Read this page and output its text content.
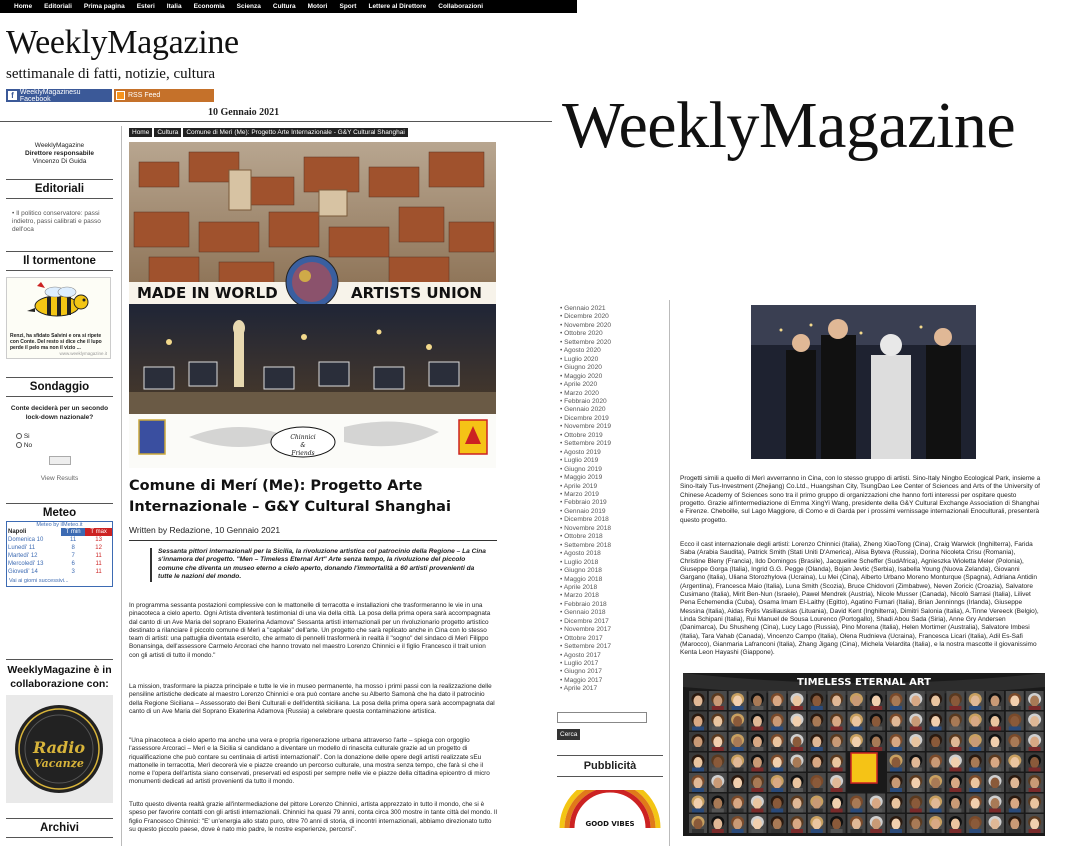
Home	Editoriali	Prima pagina	Esteri	Italia	Economia	Scienza	Cultura	Motori	Sport	Lettere al Direttore	Collaborazioni
WeeklyMagazine
settimanale di fatti, notizie, cultura
f WeeklyMagazinesu Facebook	RSS Feed
10 Gennaio 2021
WeeklyMagazine
Direttore responsabile
Vincenzo Di Guida
Editoriali
• Il politico conservatore: passi indietro, passi calibrati e passo dell'oca
Il tormentone
Renzi, ha sfidato Salvini e ora si ripete con Conte. Del resto si dice che il lupo perde il pelo ma non il vizio ...
www.weeklymagazine.it
Sondaggio
Conte deciderà per un secondo lock-down nazionale?
Si
No
View Results
Meteo
Meteo by ilMeteo.it
Napoli	T min	T max
Domenica 10	11	13
Lunedi' 11	8	12
Martedi' 12	7	11
Mercoledi' 13	6	11
Giovedi' 14	3	11
Vai ai giorni successivi...
WeeklyMagazine è in collaborazione con:
Radio
Vacanze
Archivi
Home	Cultura	Comune di Merì (Me): Progetto Arte Internazionale - G&Y Cultural Shanghai
MADE IN WORLD	ARTISTS UNION
Chinnici
&
Friends
Comune di Merí (Me): Progetto Arte Internazionale – G&Y Cultural Shanghai
Written by Redazione, 10 Gennaio 2021
Sessanta pittori internazionali per la Sicilia, la rivoluzione artistica col patrocinio della Regione – La Cina s'innamora del progetto. "Men – Timeless Eternal Art" Arte senza tempo, la rivoluzione del piccolo comune che diventa un museo eterno a cielo aperto, donando l'immortalità a 60 artisti provenienti da tutte le nazioni del mondo.
In programma sessanta postazioni complessive con le mattonelle di terracotta e installazioni che trasformeranno le vie in una pinacoteca a cielo aperto. Ogni Artista diventerà testimonial di una via della città. La posa della prima opera sarà accompagnata dal canto di un Ave Maria del soprano Ekaterina Adamova" Sessanta artisti internazionali per un rivoluzionario progetto artistico destinato a rilanciare il piccolo comune di Merì a "capitale" dell'arte. Un progetto che sarà replicato anche in Cina con lo stesso team di artisti: una pattuglia diventata esercito, che armato di pennelli trasformerà in realtà il "sogno" del sindaco di Merì Filippo Bonansinga, dell'assessore Carmelo Arcoraci che hanno trovato nel maestro Lorenzo Chinnici e il figlio Francesco il trait union con gli artisti di tutto il mondo."
La mission, trasformare la piazza principale e tutte le vie in museo permanente, ha mosso i primi passi con la realizzazione delle pensiline artistiche dedicate al maestro Lorenzo Chinnici e ora può contare anche su Alberto Samonà che ha dato il patrocinio della Regione Siciliana – Assessorato dei Beni Culturali e dell'identità siciliana. La posa della prima opera sarà accompagnata dal canto di un Ave Maria del Soprano Ekaterina Adamova (Russia) a celebrare questa contaminazione artistica.
"Una pinacoteca a cielo aperto ma anche una vera e propria rigenerazione urbana attraverso l'arte – spiega con orgoglio l'assessore Arcoraci – Merì e la Sicilia si candidano a diventare un modello di rinascita culturale grazie ad un progetto di riqualificazione che può contare su centinaia di artisti internazionali". Con la donazione delle opere degli artisti realizzate sEu mattonelle in terracotta, Merì decorerà vie e piazze creando un percorso culturale, una mostra senza tempo, che farà sì che il nome e l'opera dell'artista siano conservati, preservati ed esposti per sempre nelle vie e piazze della cittadina epicentro di micro monumenti dedicati ad artisti provenienti da tutto il mondo.
Tutto questo diventa realtà grazie all'intermediazione del pittore Lorenzo Chinnici, artista apprezzato in tutto il mondo, che si è speso per favorire contatti con gli artisti internazionali. Chinnici ha quasi 79 anni, conta circa 300 mostre in tante città del mondo. Il figlio Francesco Chinnici: "E' un'energia allo stato puro, oltre 70 anni di storia, di incontri internazionali, abbiamo direzionato tutto su questo piccolo paese, dove è nato mio padre, le nostre esperienze, percorsi".
WeeklyMagazine
• Gennaio 2021
• Dicembre 2020
• Novembre 2020
• Ottobre 2020
• Settembre 2020
• Agosto 2020
• Luglio 2020
• Giugno 2020
• Maggio 2020
• Aprile 2020
• Marzo 2020
• Febbraio 2020
• Gennaio 2020
• Dicembre 2019
• Novembre 2019
• Ottobre 2019
• Settembre 2019
• Agosto 2019
• Luglio 2019
• Giugno 2019
• Maggio 2019
• Aprile 2019
• Marzo 2019
• Febbraio 2019
• Gennaio 2019
• Dicembre 2018
• Novembre 2018
• Ottobre 2018
• Settembre 2018
• Agosto 2018
• Luglio 2018
• Giugno 2018
• Maggio 2018
• Aprile 2018
• Marzo 2018
• Febbraio 2018
• Gennaio 2018
• Dicembre 2017
• Novembre 2017
• Ottobre 2017
• Settembre 2017
• Agosto 2017
• Luglio 2017
• Giugno 2017
• Maggio 2017
• Aprile 2017
Cerca
Pubblicità
GOOD VIBES
Progetti simili a quello di Merì avverranno in Cina, con lo stesso gruppo di artisti. Sino-Italy Ningbo Ecological Park, insieme a Sino-Italy Tus-Investment (Zhejiang) Co.Ltd., Huangshan City, TsungDao Lee Center of Sciences and Arts of the University of Chinese Academy of Sciences sono tra il primo gruppo di organizzazioni che hanno forti interessi per ospitare questo progetto. Grazie all'intermediazione di Emma XingYi Wang, presidente della G&Y Cultural Exchange Association di Shanghai e Firenze. Cheboille, sul Lago Maggiore, di Como e di Garda per i prossimi vernissage internazionali Enoculturali, presenterà questo progetto.
Ecco il cast internazionale degli artisti: Lorenzo Chinnici (Italia), Zheng XiaoTong (Cina), Craig Warwick (Inghilterra), Farida Saba (Arabia Saudita), Patrick Smith (Stati Uniti D'America), Alisa Byteva (Russia), Dorina Nicoleta Crisu (Romania), Christine Bleny (Francia), Ildo Domingos (Brasile), Jacqueline Scheffer (SudAfrica), Agnieszka Wioletta Meler (Polonia), Giuseppe Gorga (Italia), Ingrid G.G. Pegge (Olanda), Bojan Jevtic (Serbia), Isabella Young (Nuova Zelanda), Giovanni Gargano (Italia), Uliana Storozhylova (Ucraina), Lu Mei (Cina), Alberto Urbano Moreno Monturque (Spagna), Adriana Antidin (Argentina), Francesca Maio (Italia), Luna Smith (Scozia), Bruce Chidovori (Zimbabwe), Neven Zoricic (Croazia), Salvatore Cusimano (Italia), Mirit Ben-Nun (Israele), Pawel Mendrek (Austria), Nicole Musser (Canada), Nicolò Sarrasi (Italia), Lilivet Pena Echemendia (Cuba), Osama Imam El-Laithy (Egitto), Agatino Fumari (Italia), Brian Jenninngs (Irlanda), Giuseppe Messina (Italia), Aidas Rytis Vasiliauskas (Lituania), David Kent (Inghilterra), Dimitri Salonia (Italia), A.Tinne Vereeck (Belgio), Linda Schipani (Italia), Rui Manuel de Sousa Lourenco (Portogallo), Shadi Abou Sada (Siria), Anne Gry Andersen (Danimarca), Du Shusheng (Cina), Lucy Lago (Russia), Pino Morena (Italia), Helen Mortimer (Australia), Salvatore Imbesi (Italia), Tara Vahab (Canada), Vincenzo Campo (Italia), Olena Rudnieva (Ucraina), Francesca Licari (Italia), Adil Es-Safi (Marocco), Gianmaria Lafranconi (Italia), Zhang Jigang (Cina), Michela Velardita (Italia), e la nostra mascotte il giovanissimo Kenta Leon Hayashi (Giappone).
TIMELESS ETERNAL ART
